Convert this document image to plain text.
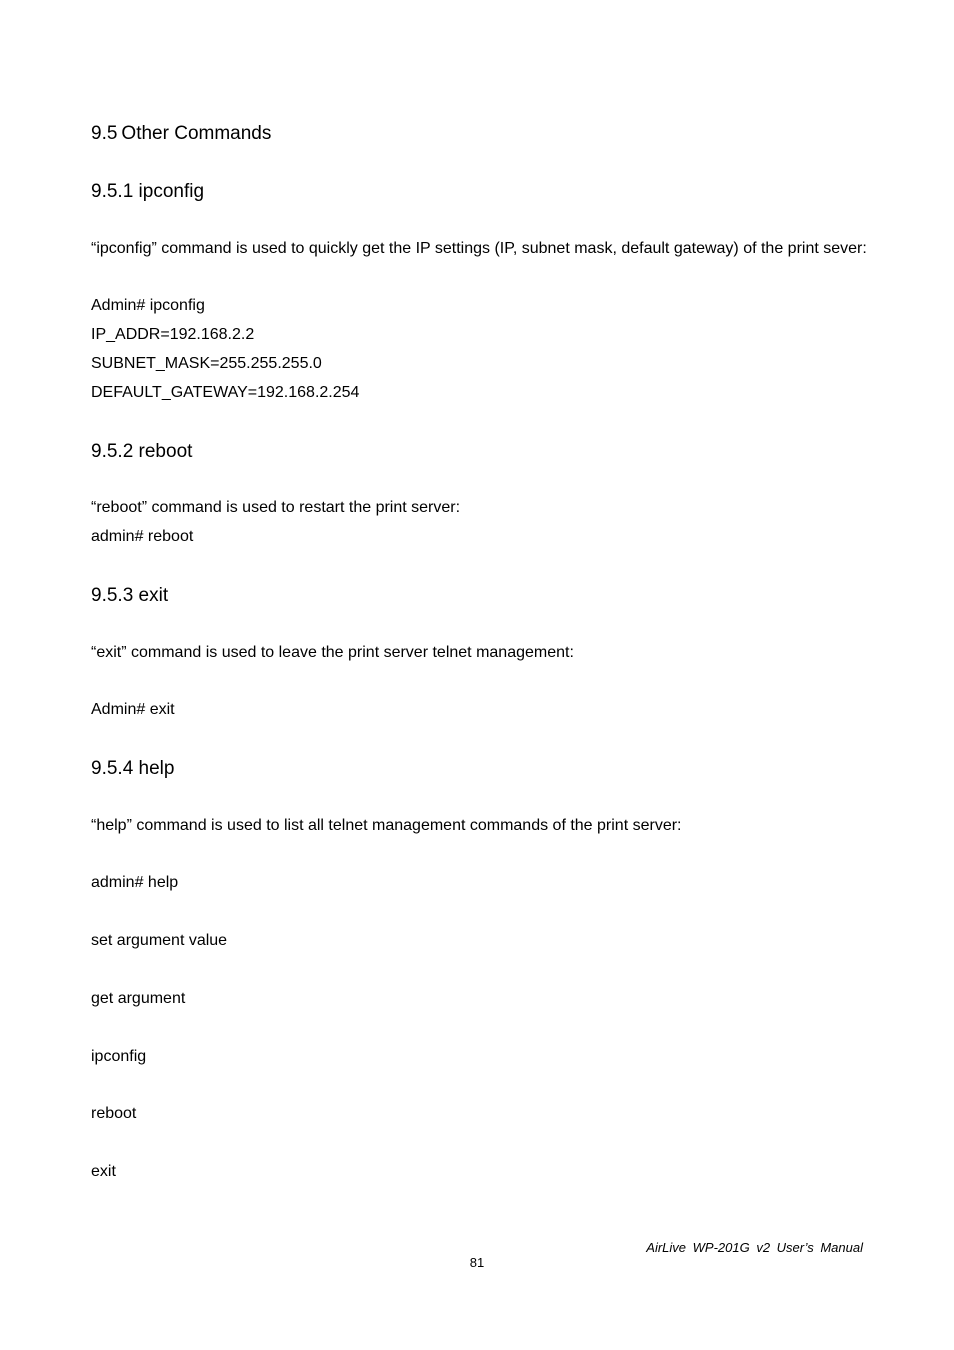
9.5 Other Commands
9.5.1 ipconfig
“ipconfig” command is used to quickly get the IP settings (IP, subnet mask, default gateway) of the print sever:
Admin# ipconfig
IP_ADDR=192.168.2.2
SUBNET_MASK=255.255.255.0
DEFAULT_GATEWAY=192.168.2.254
9.5.2 reboot
“reboot” command is used to restart the print server:
admin# reboot
9.5.3 exit
“exit” command is used to leave the print server telnet management:
Admin# exit
9.5.4 help
“help” command is used to list all telnet management commands of the print server:
admin# help
set argument value
get argument
ipconfig
reboot
exit
AirLive WP-201G v2 User’s Manual
81
